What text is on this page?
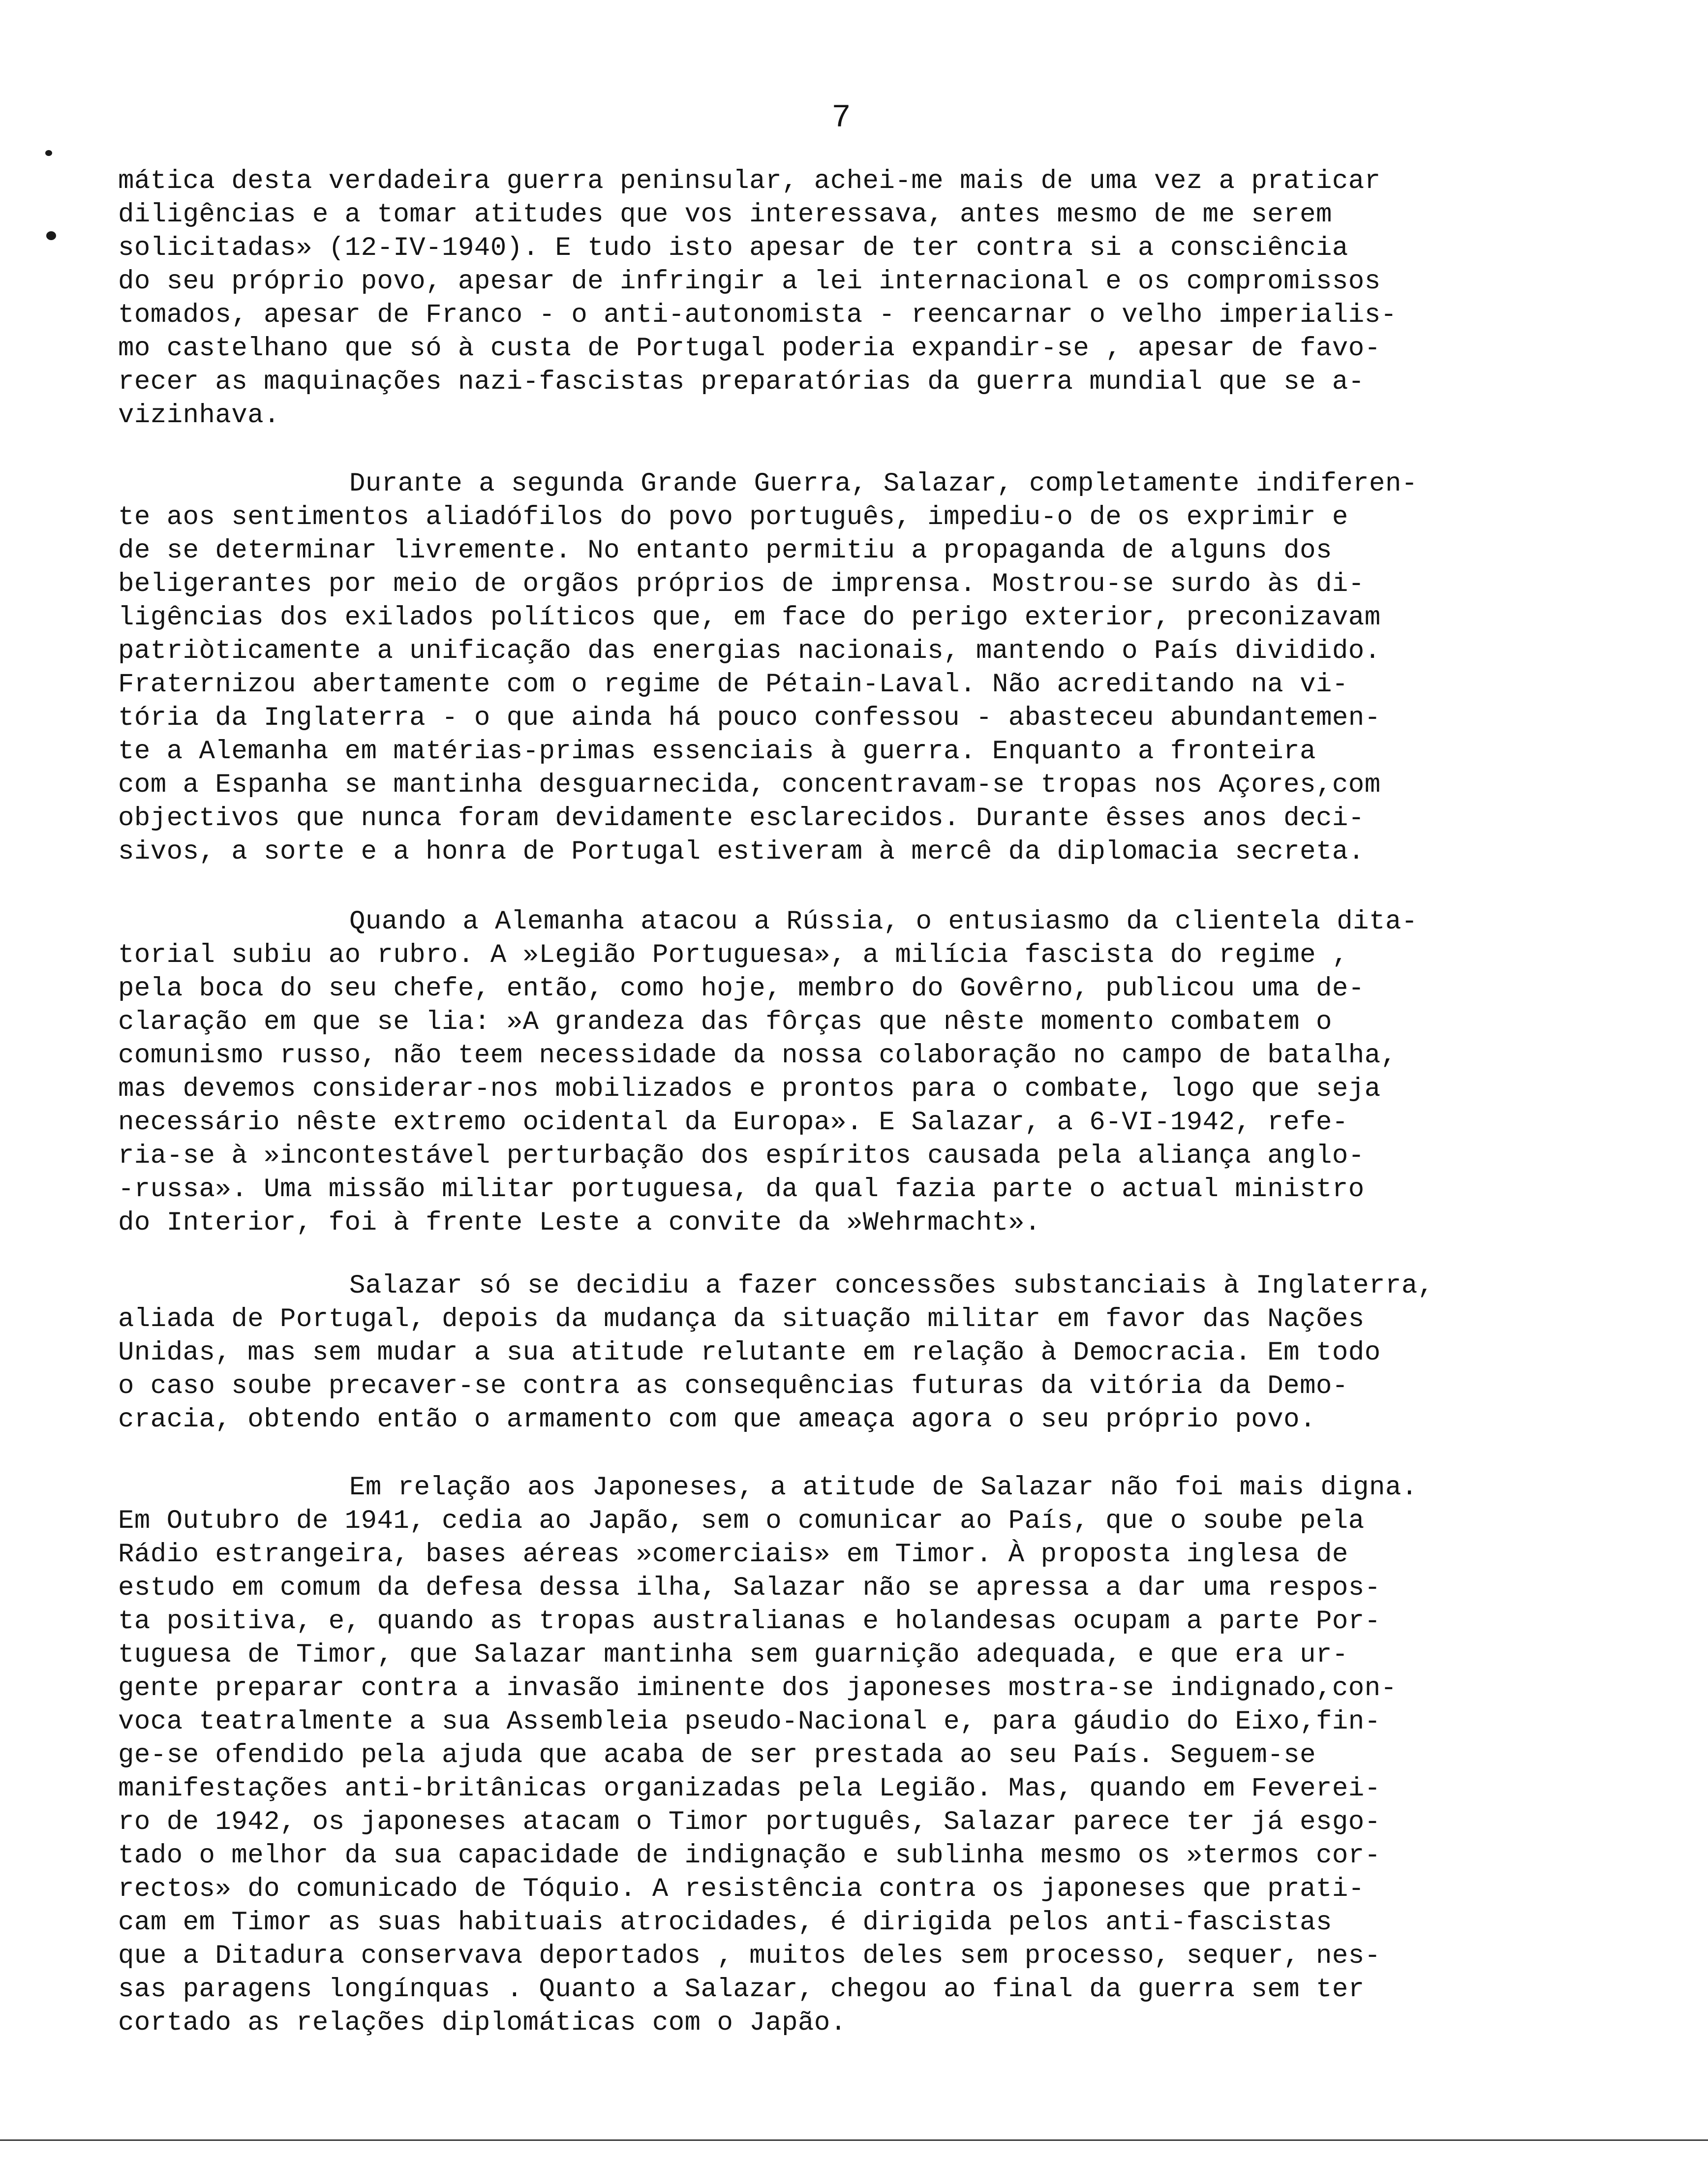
7
mática desta verdadeira guerra peninsular, achei-me mais de uma vez a praticar
diligências e a tomar atitudes que vos interessava, antes mesmo de me serem
solicitadas» (12-IV-1940). E tudo isto apesar de ter contra si a consciência
do seu próprio povo, apesar de infringir a lei internacional e os compromissos
tomados, apesar de Franco - o anti-autonomista - reencarnar o velho imperialis-
mo castelhano que só à custa de Portugal poderia expandir-se , apesar de favo-
recer as maquinações nazi-fascistas preparatórias da guerra mundial que se a-
vizinhava.
Durante a segunda Grande Guerra, Salazar, completamente indiferen-
te aos sentimentos aliadófilos do povo português, impediu-o de os exprimir e
de se determinar livremente. No entanto permitiu a propaganda de alguns dos
beligerantes por meio de orgãos próprios de imprensa. Mostrou-se surdo às di-
ligências dos exilados políticos que, em face do perigo exterior, preconizavam
patriòticamente a unificação das energias nacionais, mantendo o País dividido.
Fraternizou abertamente com o regime de Pétain-Laval. Não acreditando na vi-
tória da Inglaterra - o que ainda há pouco confessou - abasteceu abundantemen-
te a Alemanha em matérias-primas essenciais à guerra. Enquanto a fronteira
com a Espanha se mantinha desguarnecida, concentravam-se tropas nos Açores,com
objectivos que nunca foram devidamente esclarecidos. Durante êsses anos deci-
sivos, a sorte e a honra de Portugal estiveram à mercê da diplomacia secreta.
Quando a Alemanha atacou a Rússia, o entusiasmo da clientela dita-
torial subiu ao rubro. A »Legião Portuguesa», a milícia fascista do regime ,
pela boca do seu chefe, então, como hoje, membro do Govêrno, publicou uma de-
claração em que se lia: »A grandeza das fôrças que nêste momento combatem o
comunismo russo, não teem necessidade da nossa colaboração no campo de batalha,
mas devemos considerar-nos mobilizados e prontos para o combate, logo que seja
necessário nêste extremo ocidental da Europa». E Salazar, a 6-VI-1942, refe-
ria-se à »incontestável perturbação dos espíritos causada pela aliança anglo-
-russa». Uma missão militar portuguesa, da qual fazia parte o actual ministro
do Interior, foi à frente Leste a convite da »Wehrmacht».
Salazar só se decidiu a fazer concessões substanciais à Inglaterra,
aliada de Portugal, depois da mudança da situação militar em favor das Nações
Unidas, mas sem mudar a sua atitude relutante em relação à Democracia. Em todo
o caso soube precaver-se contra as consequências futuras da vitória da Demo-
cracia, obtendo então o armamento com que ameaça agora o seu próprio povo.
Em relação aos Japoneses, a atitude de Salazar não foi mais digna.
Em Outubro de 1941, cedia ao Japão, sem o comunicar ao País, que o soube pela
Rádio estrangeira, bases aéreas »comerciais» em Timor. À proposta inglesa de
estudo em comum da defesa dessa ilha, Salazar não se apressa a dar uma respos-
ta positiva, e, quando as tropas australianas e holandesas ocupam a parte Por-
tuguesa de Timor, que Salazar mantinha sem guarnição adequada, e que era ur-
gente preparar contra a invasão iminente dos japoneses mostra-se indignado,con-
voca teatralmente a sua Assembleia pseudo-Nacional e, para gáudio do Eixo,fin-
ge-se ofendido pela ajuda que acaba de ser prestada ao seu País. Seguem-se
manifestações anti-britânicas organizadas pela Legião. Mas, quando em Feverei-
ro de 1942, os japoneses atacam o Timor português, Salazar parece ter já esgo-
tado o melhor da sua capacidade de indignação e sublinha mesmo os »termos cor-
rectos» do comunicado de Tóquio. A resistência contra os japoneses que prati-
cam em Timor as suas habituais atrocidades, é dirigida pelos anti-fascistas
que a Ditadura conservava deportados , muitos deles sem processo, sequer, nes-
sas paragens longínquas . Quanto a Salazar, chegou ao final da guerra sem ter
cortado as relações diplomáticas com o Japão.
